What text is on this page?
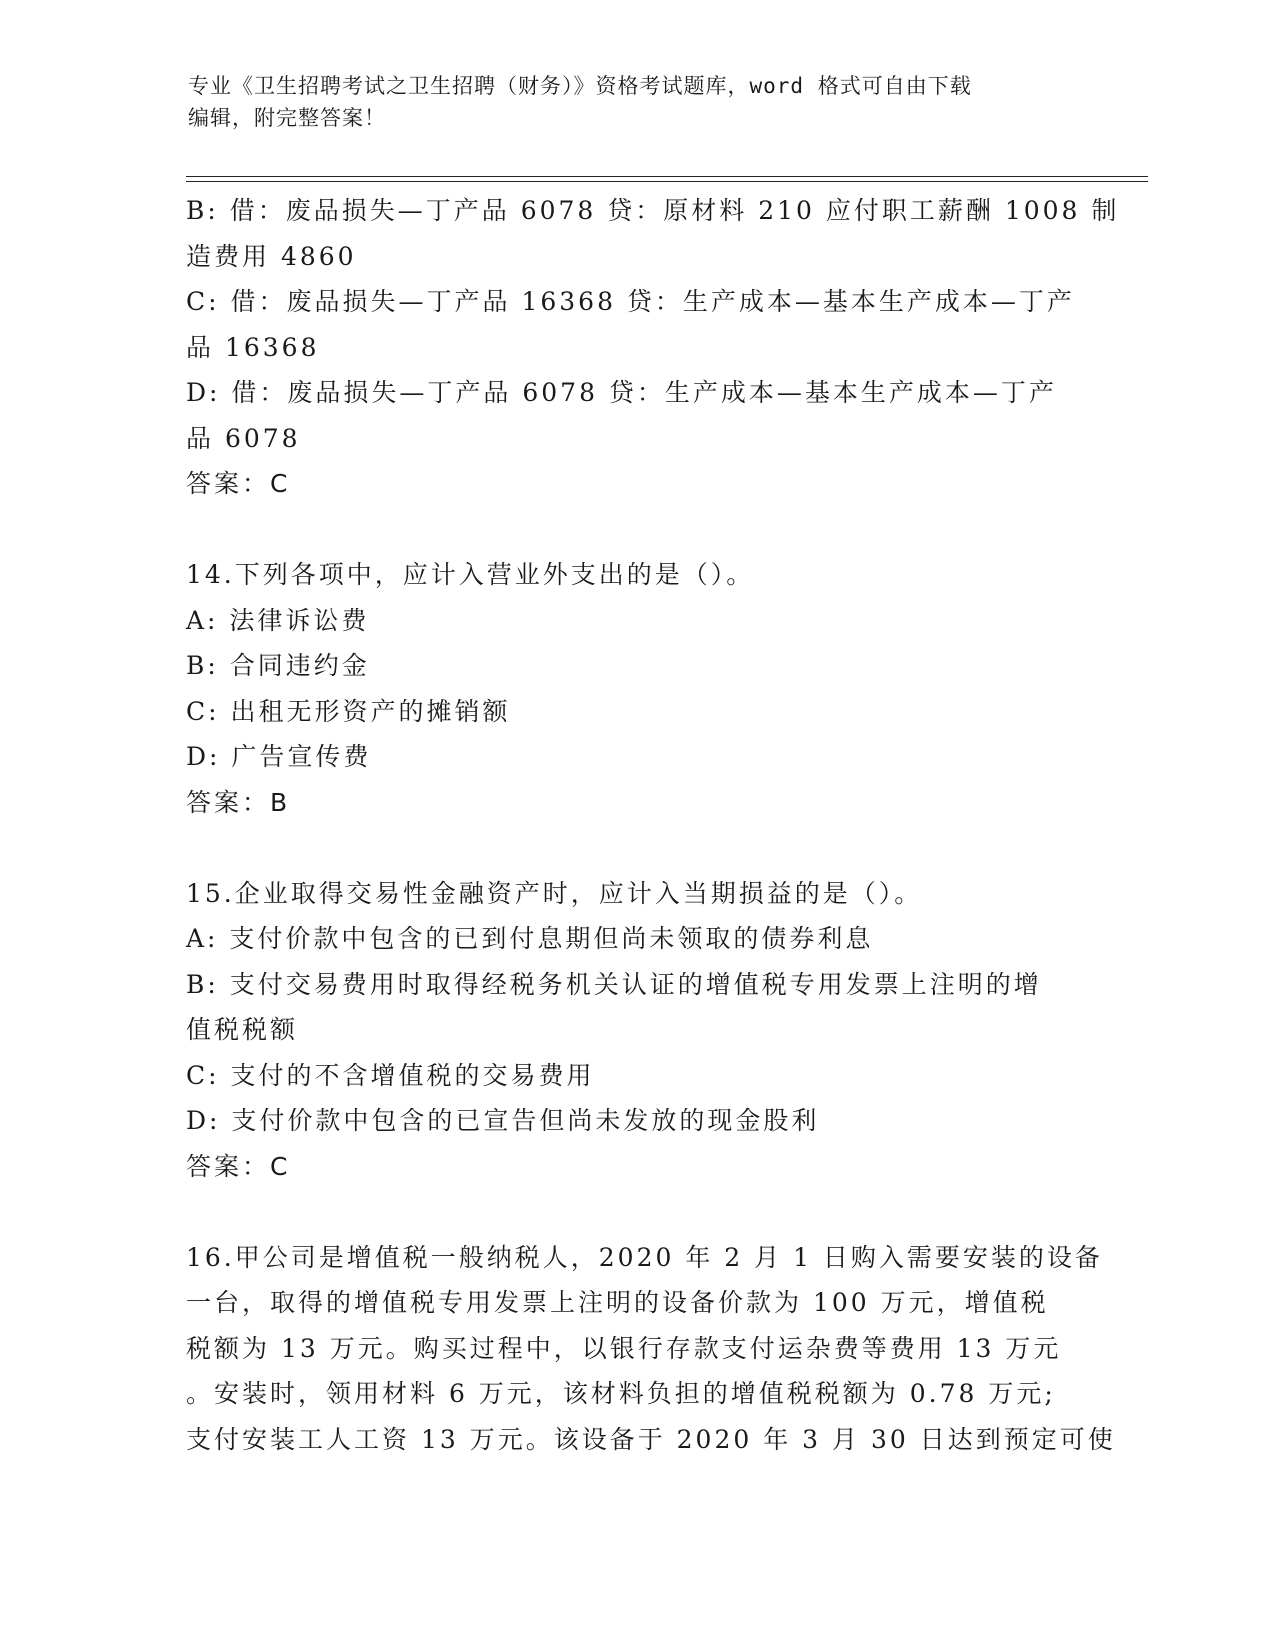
专业《卫生招聘考试之卫生招聘（财务）》资格考试题库，word 格式可自由下载
编辑，附完整答案！
B: 借：废品损失—丁产品 6078 贷：原材料 210 应付职工薪酬 1008 制
造费用 4860
C: 借：废品损失—丁产品 16368 贷：生产成本—基本生产成本—丁产
品 16368
D: 借：废品损失—丁产品 6078 贷：生产成本—基本生产成本—丁产
品 6078
答案：C
14.下列各项中，应计入营业外支出的是（）。
A: 法律诉讼费
B: 合同违约金
C: 出租无形资产的摊销额
D: 广告宣传费
答案：B
15.企业取得交易性金融资产时，应计入当期损益的是（）。
A: 支付价款中包含的已到付息期但尚未领取的债券利息
B: 支付交易费用时取得经税务机关认证的增值税专用发票上注明的增
值税税额
C: 支付的不含增值税的交易费用
D: 支付价款中包含的已宣告但尚未发放的现金股利
答案：C
16.甲公司是增值税一般纳税人，2020 年 2 月 1 日购入需要安装的设备
一台，取得的增值税专用发票上注明的设备价款为 100 万元，增值税
税额为 13 万元。购买过程中，以银行存款支付运杂费等费用 13 万元
。安装时，领用材料 6 万元，该材料负担的增值税税额为 0.78 万元;
支付安装工人工资 13 万元。该设备于 2020 年 3 月 30 日达到预定可使
